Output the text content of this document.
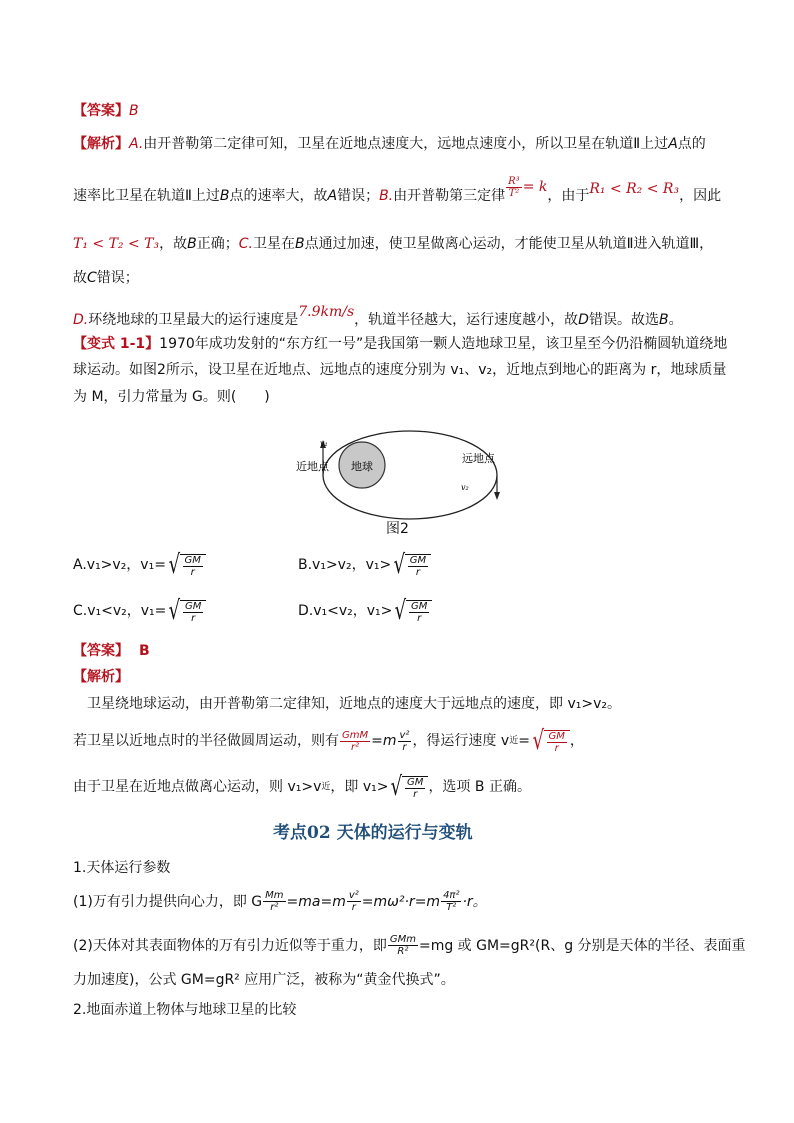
【答案】B
【解析】A.由开普勒第二定律可知，卫星在近地点速度大，远地点速度小，所以卫星在轨道Ⅱ上过A点的
速率比卫星在轨道Ⅱ上过 B 点的速率大，故 A 错误； B. 由开普勒第三定律 $\frac{\text{R³}}{\text{T²}} = k$
，由于 R₁ < R₂ < R₃ ，因此
T₁ < T₂ < T₃ ，故 B 正确； C. 卫星在 B 点通过加速，使卫星做离心运动，才能使卫星从轨道Ⅱ进入轨道Ⅲ，
故C错误；
D. 环绕地球的卫星最大的运行速度是 7.9km/s ，轨道半径越大，运行速度越小，故 D 错误。故选 B 。
【变式 1-1】1970年成功发射的“东方红一号”是我国第一颗人造地球卫星，该卫星至今仍沿椭圆轨道绕地
球运动。如图2所示，设卫星在近地点、远地点的速度分别为 v₁、v₂，近地点到地心的距离为 r，地球质量
为 M，引力常量为 G。则(　　)
地球
v₁
v₂
近地点
远地点
图2
A.v₁>v₂，v₁= √ $\frac{GM}{r}$	B.v₁>v₂，v₁> √ $\frac{GM}{r}$
C.v₁<v₂，v₁= √ $\frac{GM}{r}$	D.v₁<v₂，v₁> √ $\frac{GM}{r}$
【答案】 B
【解析】
卫星绕地球运动，由开普勒第二定律知，近地点的速度大于远地点的速度，即 v₁>v₂。
若卫星以近地点时的半径做圆周运动，则有 $\frac{\text{GmM}}{\text{r²}} =m \frac{\text{v²}}{r}$ ，得运行速度 v 近 = √ $\frac{GM}{r}$ ，
由于卫星在近地点做离心运动，则 v₁>v 近 ，即 v₁> √ $\frac{GM}{r}$ ，选项 B 正确。
考点02 天体的运行与变轨
1.天体运行参数
(1)万有引力提供向心力，即 G $\frac{Mm}{\text{r²}} =ma=m \frac{\text{v²}}{r} =m\omega^2\cdot r=m \frac{\text{4π²}}{\text{T²}} \cdot r$。
(2)天体对其表面物体的万有引力近似等于重力，即 $\frac{\text{GMm}}{\text{R²}} =mg$ 或 GM=gR²(R、g 分别是天体的半径、表面重
力加速度)，公式 GM=gR² 应用广泛，被称为“黄金代换式”。
2.地面赤道上物体与地球卫星的比较
